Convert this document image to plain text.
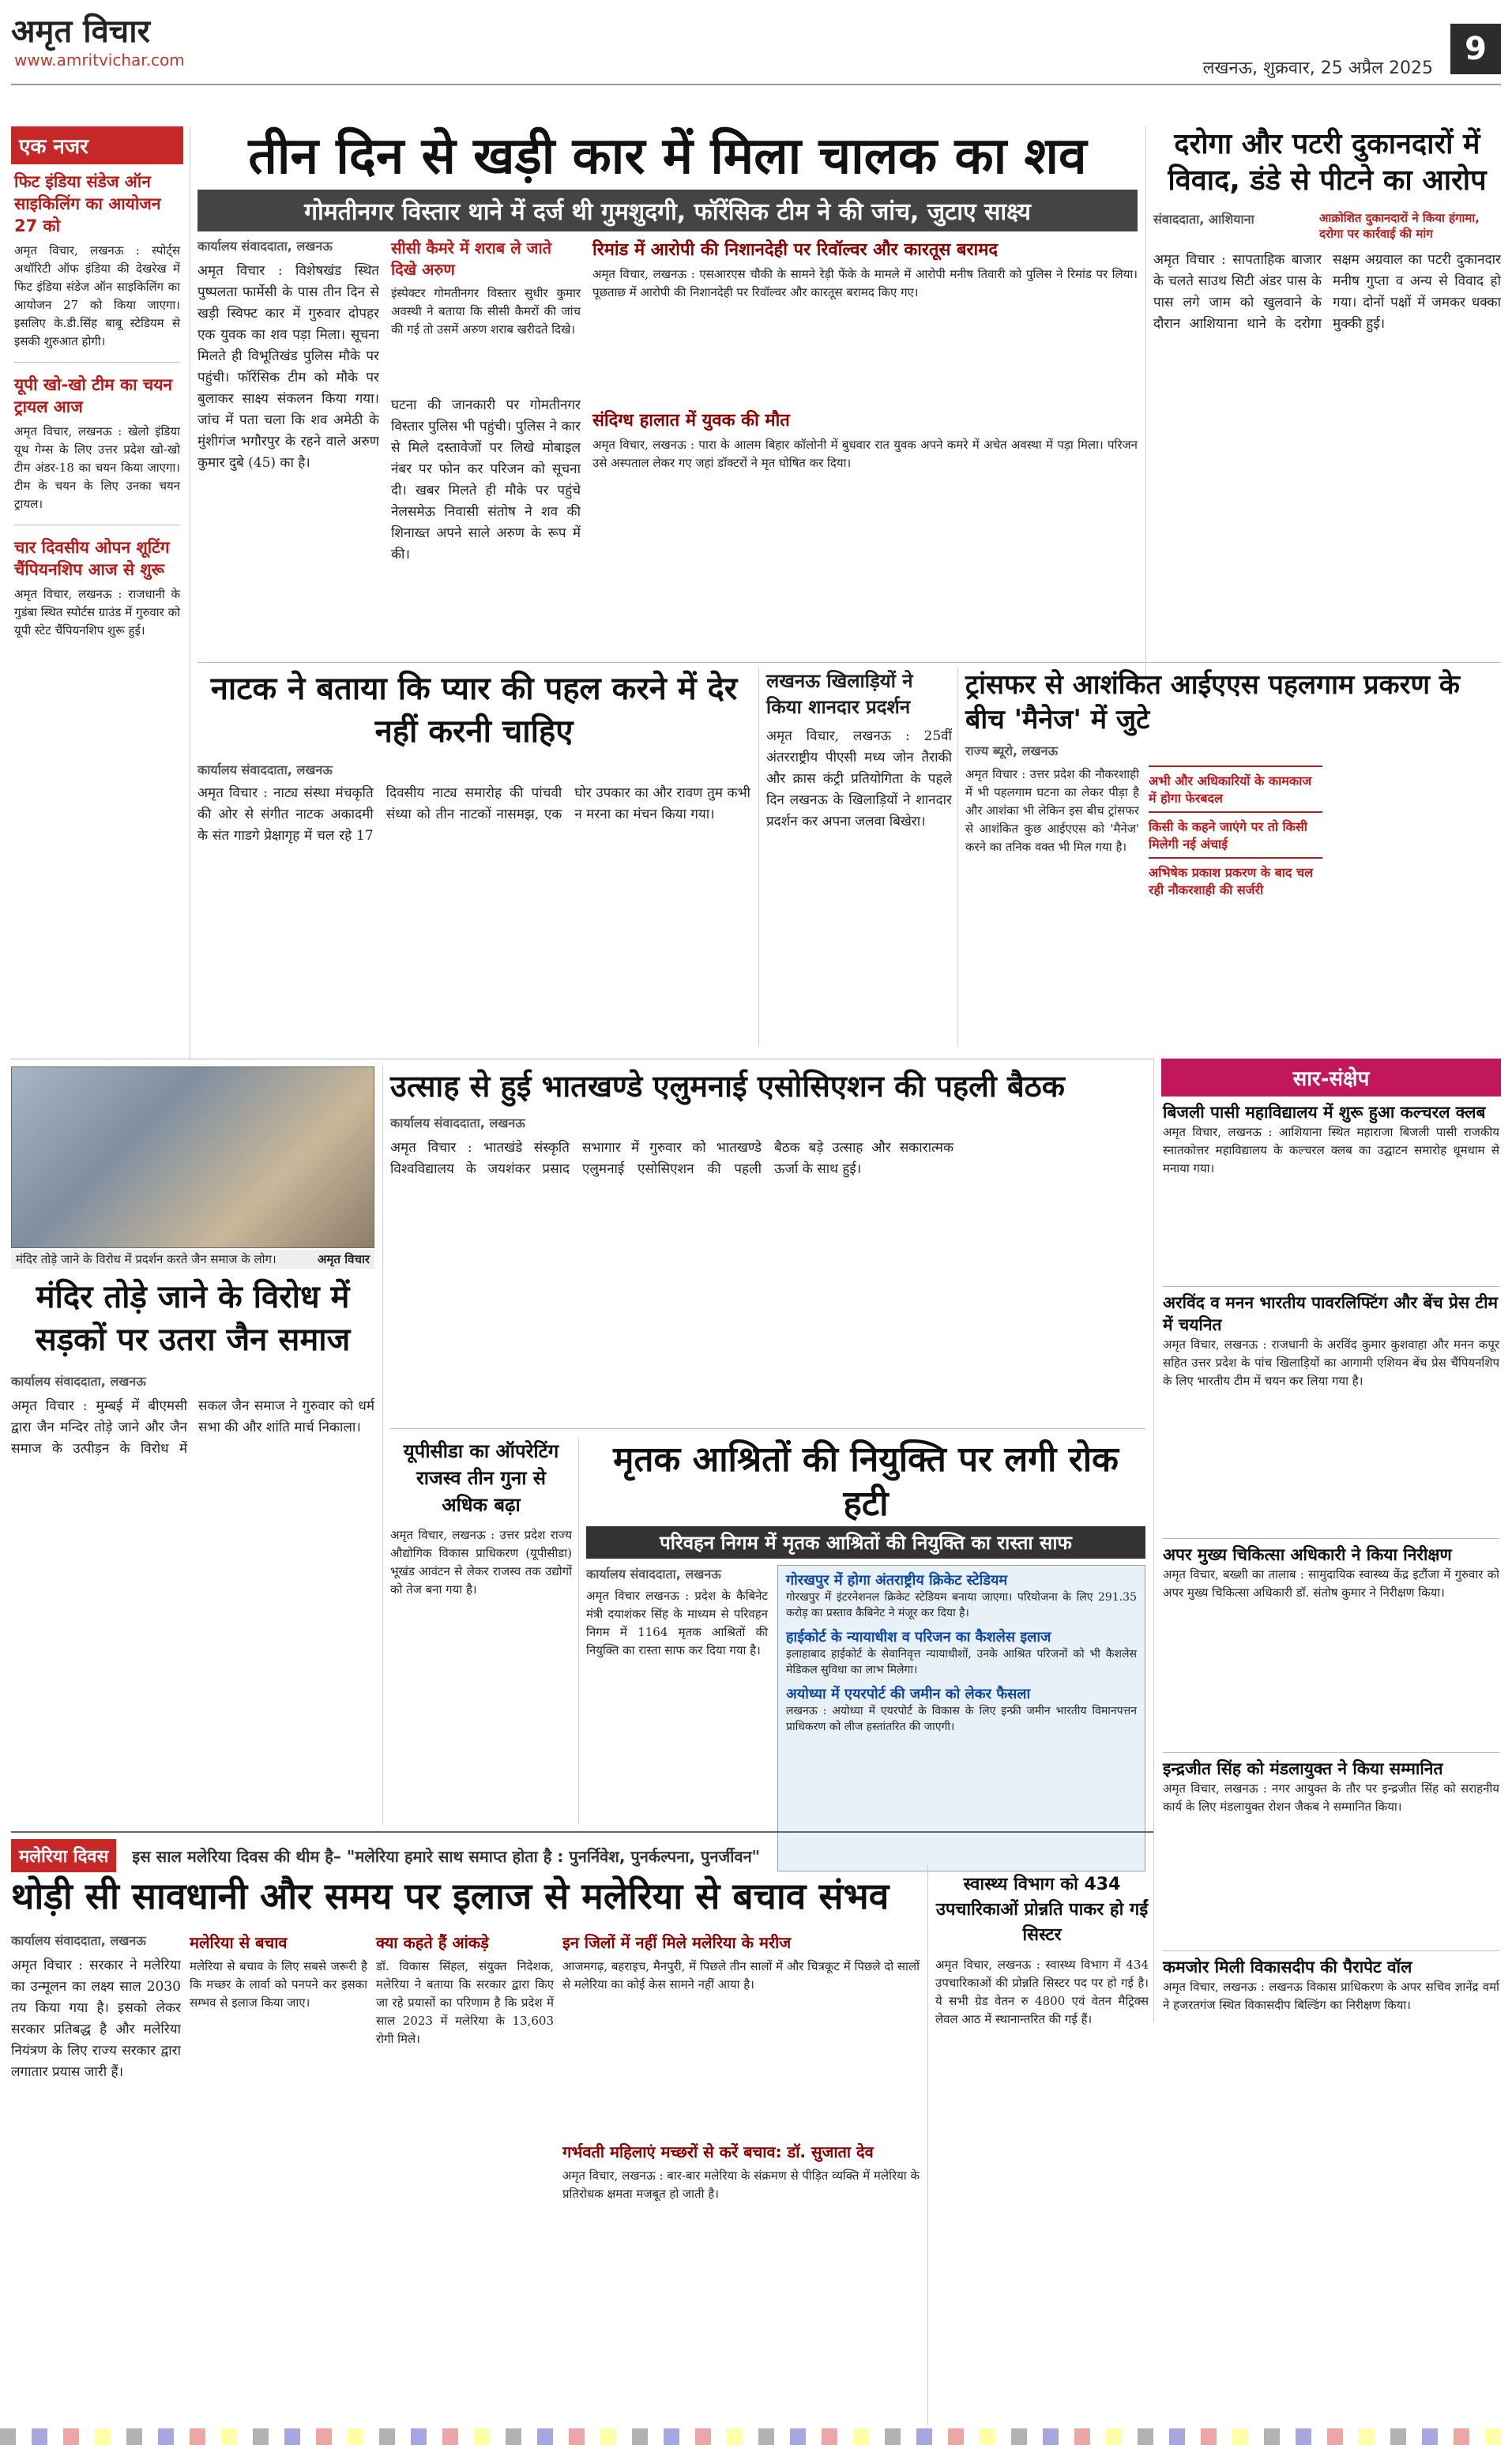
अमृत विचार
www.amritvichar.com	लखनऊ, शुक्रवार, 25 अप्रैल 2025
9
एक नजर
फिट इंडिया संडेज ऑन साइकिलिंग का आयोजन 27 को
अमृत विचार, लखनऊ : स्पोर्ट्स अथॉरिटी ऑफ इंडिया की देखरेख में फिट इंडिया संडेज ऑन साइकिलिंग का आयोजन 27 को किया जाएगा। इसलिए के.डी.सिंह बाबू स्टेडियम से इसकी शुरुआत होगी।
यूपी खो-खो टीम का चयन ट्रायल आज
अमृत विचार, लखनऊ : खेलो इंडिया यूथ गेम्स के लिए उत्तर प्रदेश खो-खो टीम अंडर-18 का चयन किया जाएगा। टीम के चयन के लिए उनका चयन ट्रायल।
चार दिवसीय ओपन शूटिंग चैंपियनशिप आज से शुरू
अमृत विचार, लखनऊ : राजधानी के गुडंबा स्थित स्पोर्टस ग्राउंड में गुरुवार को यूपी स्टेट चैंपियनशिप शुरू हुई।
तीन दिन से खड़ी कार में मिला चालक का शव
गोमतीनगर विस्तार थाने में दर्ज थी गुमशुदगी, फॉरेंसिक टीम ने की जांच, जुटाए साक्ष्य
कार्यालय संवाददाता, लखनऊ
अमृत विचार : विशेषखंड स्थित पुष्पलता फार्मेसी के पास तीन दिन से खड़ी स्विफ्ट कार में गुरुवार दोपहर एक युवक का शव पड़ा मिला। सूचना मिलते ही विभूतिखंड पुलिस मौके पर पहुंची। फॉरेंसिक टीम को मौके पर बुलाकर साक्ष्य संकलन किया गया। जांच में पता चला कि शव अमेठी के मुंशीगंज भगौरपुर के रहने वाले अरुण कुमार दुबे (45) का है।
सीसी कैमरे में शराब ले जाते दिखे अरुण
इंस्पेक्टर गोमतीनगर विस्तार सुधीर कुमार अवस्थी ने बताया कि सीसी कैमरों की जांच की गई तो उसमें अरुण शराब खरीदते दिखे।
घटना की जानकारी पर गोमतीनगर विस्तार पुलिस भी पहुंची। पुलिस ने कार से मिले दस्तावेजों पर लिखे मोबाइल नंबर पर फोन कर परिजन को सूचना दी। खबर मिलते ही मौके पर पहुंचे नेलसमेऊ निवासी संतोष ने शव की शिनाख्त अपने साले अरुण के रूप में की।
रिमांड में आरोपी की निशानदेही पर रिवॉल्वर और कारतूस बरामद
अमृत विचार, लखनऊ : एसआरएस चौकी के सामने रेड़ी फेंके के मामले में आरोपी मनीष तिवारी को पुलिस ने रिमांड पर लिया। पूछताछ में आरोपी की निशानदेही पर रिवॉल्वर और कारतूस बरामद किए गए।
संदिग्ध हालात में युवक की मौत
अमृत विचार, लखनऊ : पारा के आलम बिहार कॉलोनी में बुधवार रात युवक अपने कमरे में अचेत अवस्था में पड़ा मिला। परिजन उसे अस्पताल लेकर गए जहां डॉक्टरों ने मृत घोषित कर दिया।
दरोगा और पटरी दुकानदारों में विवाद, डंडे से पीटने का आरोप
संवाददाता, आशियाना	आक्रोशित दुकानदारों ने किया हंगामा, दरोगा पर कार्रवाई की मांग
अमृत विचार : सापताहिक बाजार के चलते साउथ सिटी अंडर पास के पास लगे जाम को खुलवाने के दौरान आशियाना थाने के दरोगा सक्षम अग्रवाल का पटरी दुकानदार मनीष गुप्ता व अन्य से विवाद हो गया। दोनों पक्षों में जमकर धक्का मुक्की हुई।
नाटक ने बताया कि प्यार की पहल करने में देर नहीं करनी चाहिए
कार्यालय संवाददाता, लखनऊ
अमृत विचार : नाट्य संस्था मंचकृति की ओर से संगीत नाटक अकादमी के संत गाडगे प्रेक्षागृह में चल रहे 17 दिवसीय नाट्य समारोह की पांचवी संध्या को तीन नाटकों नासमझ, एक घोर उपकार का और रावण तुम कभी न मरना का मंचन किया गया।
लखनऊ खिलाड़ियों ने किया शानदार प्रदर्शन
अमृत विचार, लखनऊ : 25वीं अंतरराष्ट्रीय पीएसी मध्य जोन तैराकी और क्रास कंट्री प्रतियोगिता के पहले दिन लखनऊ के खिलाड़ियों ने शानदार प्रदर्शन कर अपना जलवा बिखेरा।
ट्रांसफर से आशंकित आईएएस पहलगाम प्रकरण के बीच 'मैनेज' में जुटे
राज्य ब्यूरो, लखनऊ
अमृत विचार : उत्तर प्रदेश की नौकरशाही में भी पहलगाम घटना का लेकर पीड़ा है और आशंका भी लेकिन इस बीच ट्रांसफर से आशंकित कुछ आईएएस को 'मैनेज' करने का तनिक वक्त भी मिल गया है।
अभी और अधिकारियों के कामकाज में होगा फेरबदल
किसी के कहने जाएंगे पर तो किसी मिलेगी नई अंचाई
अभिषेक प्रकाश प्रकरण के बाद चल रही नौकरशाही की सर्जरी
मंदिर तोड़े जाने के विरोध में प्रदर्शन करते जैन समाज के लोग।	अमृत विचार
मंदिर तोड़े जाने के विरोध में सड़कों पर उतरा जैन समाज
कार्यालय संवाददाता, लखनऊ
अमृत विचार : मुम्बई में बीएमसी द्वारा जैन मन्दिर तोड़े जाने और जैन समाज के उत्पीड़न के विरोध में सकल जैन समाज ने गुरुवार को धर्म सभा की और शांति मार्च निकाला।
उत्साह से हुई भातखण्डे एलुमनाई एसोसिएशन की पहली बैठक
कार्यालय संवाददाता, लखनऊ
अमृत विचार : भातखंडे संस्कृति विश्वविद्यालय के जयशंकर प्रसाद सभागार में गुरुवार को भातखण्डे एलुमनाई एसोसिएशन की पहली बैठक बड़े उत्साह और सकारात्मक ऊर्जा के साथ हुई।
यूपीसीडा का ऑपरेटिंग राजस्व तीन गुना से अधिक बढ़ा
अमृत विचार, लखनऊ : उत्तर प्रदेश राज्य औद्योगिक विकास प्राधिकरण (यूपीसीडा) भूखंड आवंटन से लेकर राजस्व तक उद्योगों को तेज बना गया है।
मृतक आश्रितों की नियुक्ति पर लगी रोक हटी
परिवहन निगम में मृतक आश्रितों की नियुक्ति का रास्ता साफ
कार्यालय संवाददाता, लखनऊ
अमृत विचार लखनऊ : प्रदेश के कैबिनेट मंत्री दयाशंकर सिंह के माध्यम से परिवहन निगम में 1164 मृतक आश्रितों की नियुक्ति का रास्ता साफ कर दिया गया है।
गोरखपुर में होगा अंतराष्ट्रीय क्रिकेट स्टेडियम
गोरखपुर में इंटरनेशनल क्रिकेट स्टेडियम बनाया जाएगा। परियोजना के लिए 291.35 करोड़ का प्रस्ताव कैबिनेट ने मंजूर कर दिया है।
हाईकोर्ट के न्यायाधीश व परिजन का कैशलेस इलाज
इलाहाबाद हाईकोर्ट के सेवानिवृत्त न्यायाधीशों, उनके आश्रित परिजनों को भी कैशलेस मेडिकल सुविधा का लाभ मिलेगा।
अयोध्या में एयरपोर्ट की जमीन को लेकर फैसला
लखनऊ : अयोध्या में एयरपोर्ट के विकास के लिए इन्फ्री जमीन भारतीय विमानपत्तन प्राधिकरण को लीज हस्तांतरित की जाएगी।
सार-संक्षेप
बिजली पासी महाविद्यालय में शुरू हुआ कल्चरल क्लब
अमृत विचार, लखनऊ : आशियाना स्थित महाराजा बिजली पासी राजकीय स्नातकोत्तर महाविद्यालय के कल्चरल क्लब का उद्घाटन समारोह धूमधाम से मनाया गया।
अरविंद व मनन भारतीय पावरलिफ्टिंग और बेंच प्रेस टीम में चयनित
अमृत विचार, लखनऊ : राजधानी के अरविंद कुमार कुशवाहा और मनन कपूर सहित उत्तर प्रदेश के पांच खिलाड़ियों का आगामी एशियन बेंच प्रेस चैंपियनशिप के लिए भारतीय टीम में चयन कर लिया गया है।
अपर मुख्य चिकित्सा अधिकारी ने किया निरीक्षण
अमृत विचार, बख्शी का तालाब : सामुदायिक स्वास्थ्य केंद्र इटौंजा में गुरुवार को अपर मुख्य चिकित्सा अधिकारी डॉ. संतोष कुमार ने निरीक्षण किया।
इन्द्रजीत सिंह को मंडलायुक्त ने किया सम्मानित
अमृत विचार, लखनऊ : नगर आयुक्त के तौर पर इन्द्रजीत सिंह को सराहनीय कार्य के लिए मंडलायुक्त रोशन जैकब ने सम्मानित किया।
कमजोर मिली विकासदीप की पैरापेट वॉल
अमृत विचार, लखनऊ : लखनऊ विकास प्राधिकरण के अपर सचिव ज्ञानेंद्र वर्मा ने हजरतगंज स्थित विकासदीप बिल्डिंग का निरीक्षण किया।
मलेरिया दिवस	इस साल मलेरिया दिवस की थीम है– "मलेरिया हमारे साथ समाप्त होता है : पुनर्निवेश, पुनर्कल्पना, पुनर्जीवन"
थोड़ी सी सावधानी और समय पर इलाज से मलेरिया से बचाव संभव
कार्यालय संवाददाता, लखनऊ
अमृत विचार : सरकार ने मलेरिया का उन्मूलन का लक्ष्य साल 2030 तय किया गया है। इसको लेकर सरकार प्रतिबद्ध है और मलेरिया नियंत्रण के लिए राज्य सरकार द्वारा लगातार प्रयास जारी हैं।
मलेरिया से बचाव
मलेरिया से बचाव के लिए सबसे जरूरी है कि मच्छर के लार्वा को पनपने कर इसका सम्भव से इलाज किया जाए।
क्या कहते हैं आंकड़े
डॉ. विकास सिंहल, संयुक्त निदेशक, मलेरिया ने बताया कि सरकार द्वारा किए जा रहे प्रयासों का परिणाम है कि प्रदेश में साल 2023 में मलेरिया के 13,603 रोगी मिले।
इन जिलों में नहीं मिले मलेरिया के मरीज
आजमगढ़, बहराइच, मैनपुरी, में पिछले तीन सालों में और चित्रकूट में पिछले दो सालों से मलेरिया का कोई केस सामने नहीं आया है।
गर्भवती महिलाएं मच्छरों से करें बचाव: डॉ. सुजाता देव
अमृत विचार, लखनऊ : बार-बार मलेरिया के संक्रमण से पीड़ित व्यक्ति में मलेरिया के प्रतिरोधक क्षमता मजबूत हो जाती है।
स्वास्थ्य विभाग को 434 उपचारिकाओं प्रोन्नति पाकर हो गईं सिस्टर
अमृत विचार, लखनऊ : स्वास्थ्य विभाग में 434 उपचारिकाओं की प्रोन्नति सिस्टर पद पर हो गई है। ये सभी ग्रेड वेतन रु 4800 एवं वेतन मैट्रिक्स लेवल आठ में स्थानान्तरित की गई हैं।
